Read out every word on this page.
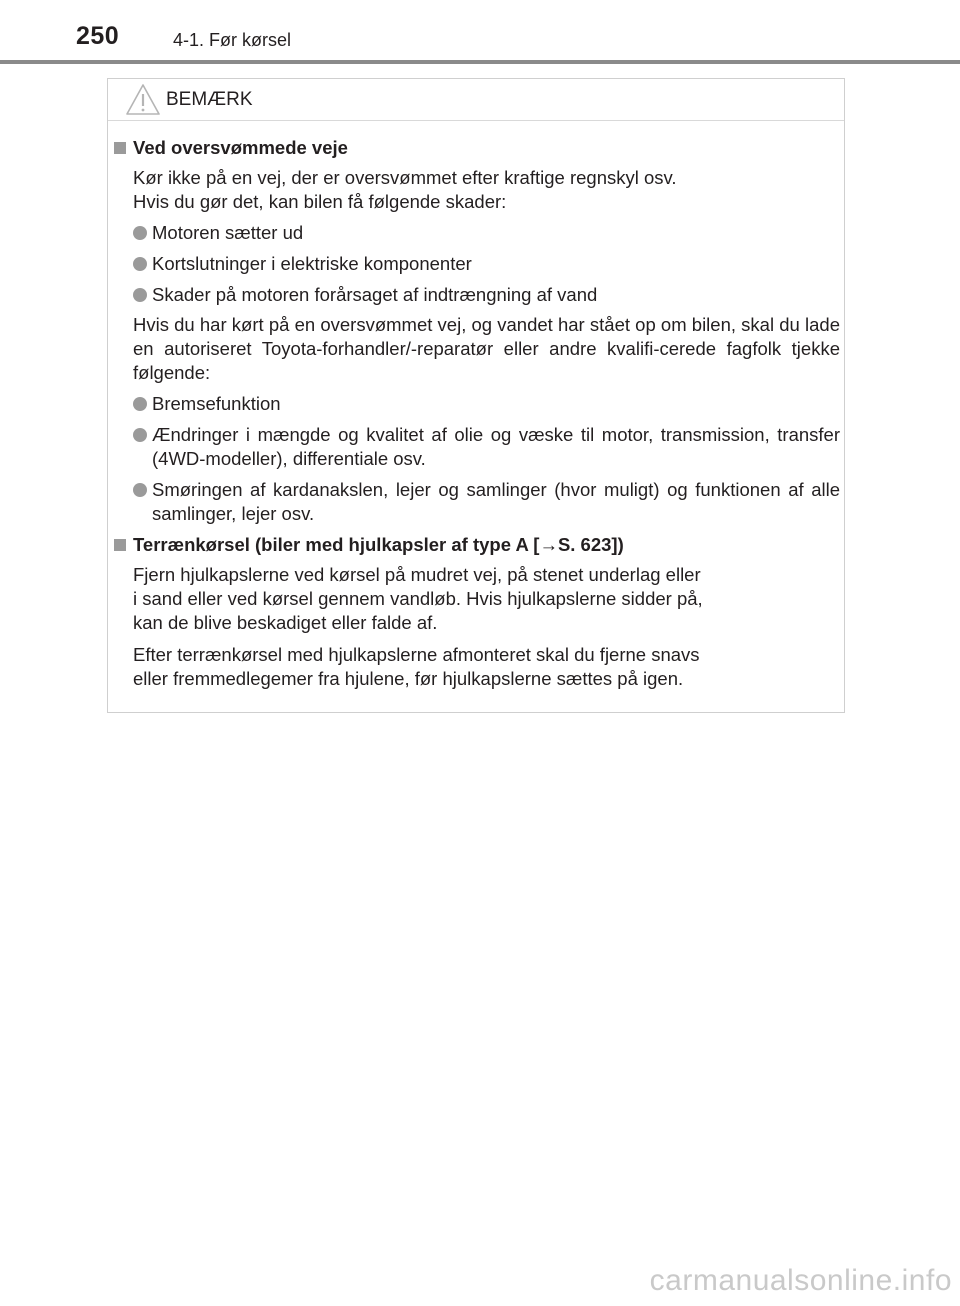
250	4-1. Før kørsel
BEMÆRK
Ved oversvømmede veje
Kør ikke på en vej, der er oversvømmet efter kraftige regnskyl osv.
Hvis du gør det, kan bilen få følgende skader:
Motoren sætter ud
Kortslutninger i elektriske komponenter
Skader på motoren forårsaget af indtrængning af vand
Hvis du har kørt på en oversvømmet vej, og vandet har stået op om bilen, skal du lade en autoriseret Toyota-forhandler/-reparatør eller andre kvalifi-cerede fagfolk tjekke følgende:
Bremsefunktion
Ændringer i mængde og kvalitet af olie og væske til motor, transmission, transfer (4WD-modeller), differentiale osv.
Smøringen af kardanakslen, lejer og samlinger (hvor muligt) og funktionen af alle samlinger, lejer osv.
Terrænkørsel (biler med hjulkapsler af type A [→S. 623])
Fjern hjulkapslerne ved kørsel på mudret vej, på stenet underlag eller
i sand eller ved kørsel gennem vandløb. Hvis hjulkapslerne sidder på,
kan de blive beskadiget eller falde af.
Efter terrænkørsel med hjulkapslerne afmonteret skal du fjerne snavs
eller fremmedlegemer fra hjulene, før hjulkapslerne sættes på igen.
carmanualsonline.info
